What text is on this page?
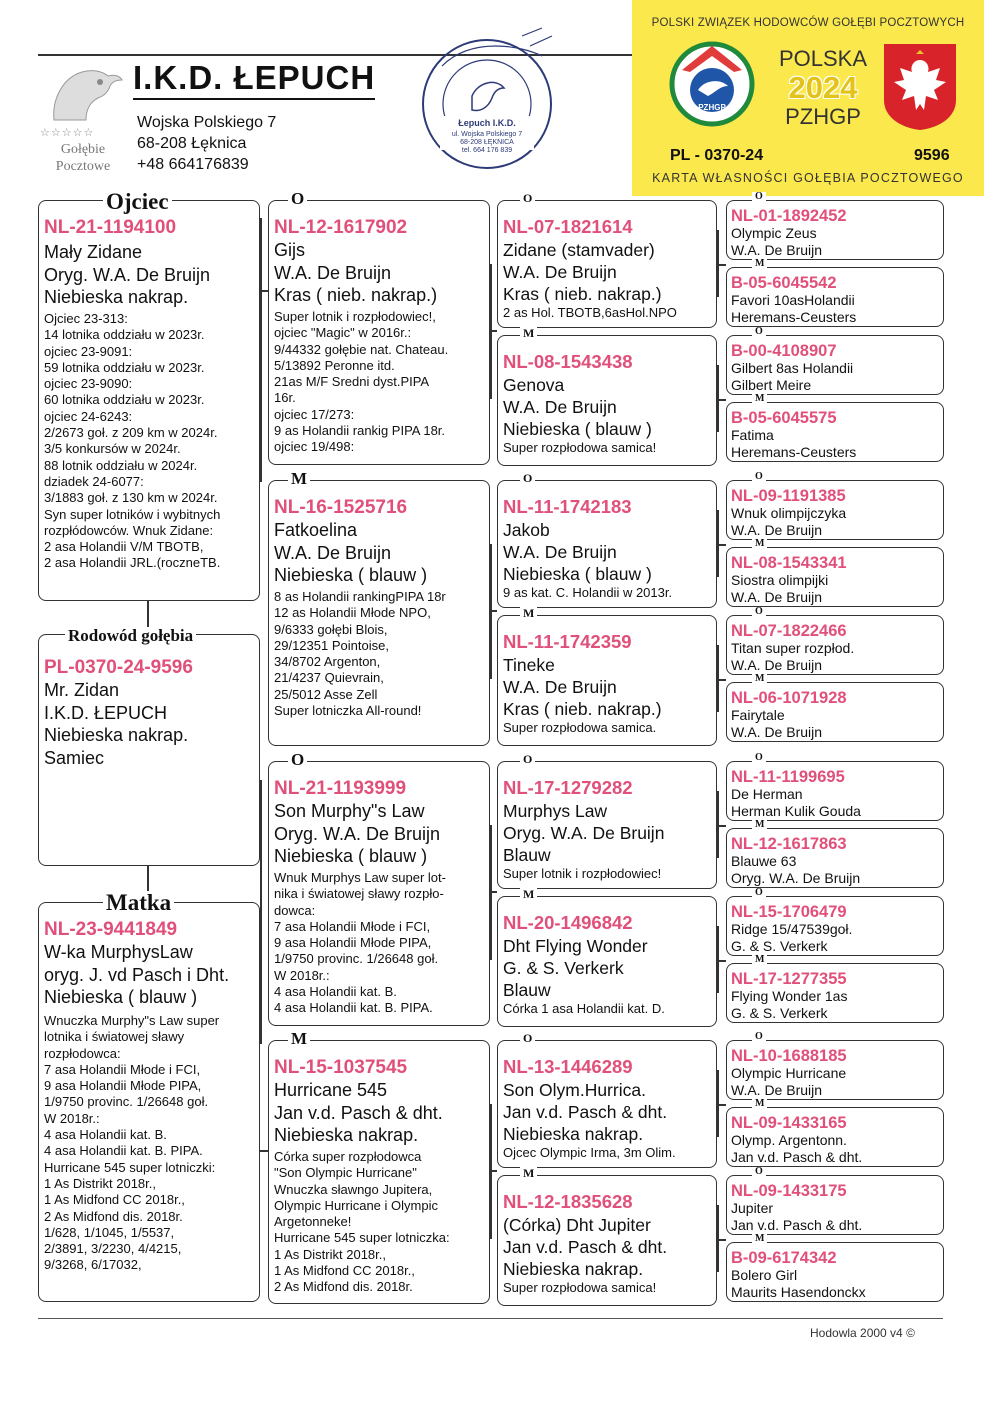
☆☆☆☆☆
Gołębie
Pocztowe
I.K.D. ŁEPUCH
Wojska Polskiego 7
68-208 Łęknica
+48 664176839
Łepuch I.K.D.
ul. Wojska Polskiego 7
68-208 ŁĘKNICA
tel. 664 176 839
POLSKI ZWIĄZEK HODOWCÓW GOŁĘBI POCZTOWYCH
PZHGP
POLSKA
2024
PZHGP
PL - 0370-24	9596
KARTA WŁASNOŚCI GOŁĘBIA POCZTOWEGO
NL-21-1194100
Mały Zidane
Oryg. W.A. De Bruijn
Niebieska nakrap.
Ojciec 23-313:
14 lotnika oddziału w 2023r.
ojciec 23-9091:
59 lotnika oddziału w 2023r.
ojciec 23-9090:
60 lotnika oddziału w 2023r.
ojciec 24-6243:
2/2673 goł. z 209 km w 2024r.
3/5 konkursów w 2024r.
88 lotnik oddziału w 2024r.
dziadek 24-6077:
3/1883 goł. z 130 km w 2024r.
Syn super lotników i wybitnych
rozpłódowców. Wnuk Zidane:
2 asa Holandii V/M TBOTB,
2 asa Holandii JRL.(roczneTB.
Ojciec
PL-0370-24-9596
Mr. Zidan
I.K.D. ŁEPUCH
Niebieska nakrap.
Samiec
Rodowód gołębia
NL-23-9441849
W-ka MurphysLaw
oryg. J. vd Pasch i Dht.
Niebieska ( blauw )
Wnuczka Murphy"s Law super
lotnika i światowej sławy
rozpłodowca:
7 asa Holandii Młode i FCI,
9 asa Holandii Młode PIPA,
1/9750 provinc. 1/26648 goł.
W 2018r.:
4 asa Holandii kat. B.
4 asa Holandii kat. B. PIPA.
Hurricane 545 super lotniczki:
1 As Distrikt 2018r.,
1 As Midfond CC 2018r.,
2 As Midfond dis. 2018r.
1/628, 1/1045, 1/5537,
2/3891, 3/2230, 4/4215,
9/3268, 6/17032,
Matka
NL-12-1617902
Gijs
W.A. De Bruijn
Kras ( nieb. nakrap.)
Super lotnik i rozpłodowiec!,
ojciec "Magic" w 2016r.:
9/44332 gołębie nat. Chateau.
5/13892 Peronne itd.
21as M/F Sredni dyst.PIPA
16r.
ojciec 17/273:
9 as Holandii rankig PIPA 18r.
ojciec 19/498:
O
NL-16-1525716
Fatkoelina
W.A. De Bruijn
Niebieska ( blauw )
8 as Holandii rankingPIPA 18r
12 as Holandii Młode NPO,
9/6333 gołębi Blois,
29/12351 Pointoise,
34/8702 Argenton,
21/4237 Quievrain,
25/5012 Asse Zell
Super lotniczka All-round!
M
NL-21-1193999
Son Murphy"s Law
Oryg. W.A. De Bruijn
Niebieska ( blauw )
Wnuk Murphys Law super lot-
nika i światowej sławy rozpło-
dowca:
7 asa Holandii Młode i FCI,
9 asa Holandii Młode PIPA,
1/9750 provinc. 1/26648 goł.
W 2018r.:
4 asa Holandii kat. B.
4 asa Holandii kat. B. PIPA.
O
NL-15-1037545
Hurricane 545
Jan v.d. Pasch & dht.
Niebieska nakrap.
Córka super rozpłodowca
"Son Olympic Hurricane"
Wnuczka sławngo Jupitera,
Olympic Hurricane i Olympic
Argetonneke!
Hurricane 545 super lotniczka:
1 As Distrikt 2018r.,
1 As Midfond CC 2018r.,
2 As Midfond dis. 2018r.
M
NL-07-1821614
Zidane (stamvader)
W.A. De Bruijn
Kras ( nieb. nakrap.)
2 as Hol. TBOTB,6asHol.NPO
O
NL-08-1543438
Genova
W.A. De Bruijn
Niebieska ( blauw )
Super rozpłodowa samica!
M
NL-11-1742183
Jakob
W.A. De Bruijn
Niebieska ( blauw )
9 as kat. C. Holandii w 2013r.
O
NL-11-1742359
Tineke
W.A. De Bruijn
Kras ( nieb. nakrap.)
Super rozpłodowa samica.
M
NL-17-1279282
Murphys Law
Oryg. W.A. De Bruijn
Blauw
Super lotnik i rozpłodowiec!
O
NL-20-1496842
Dht Flying Wonder
G. & S. Verkerk
Blauw
Córka 1 asa Holandii kat. D.
M
NL-13-1446289
Son Olym.Hurrica.
Jan v.d. Pasch & dht.
Niebieska nakrap.
Ojcec Olympic Irma, 3m Olim.
O
NL-12-1835628
(Córka) Dht Jupiter
Jan v.d. Pasch & dht.
Niebieska nakrap.
Super rozpłodowa samica!
M
NL-01-1892452
Olympic Zeus
W.A. De Bruijn
O
B-05-6045542
Favori 10asHolandii
Heremans-Ceusters
M
B-00-4108907
Gilbert 8as Holandii
Gilbert Meire
O
B-05-6045575
Fatima
Heremans-Ceusters
M
NL-09-1191385
Wnuk olimpijczyka
W.A. De Bruijn
O
NL-08-1543341
Siostra olimpijki
W.A. De Bruijn
M
NL-07-1822466
Titan super rozpłod.
W.A. De Bruijn
O
NL-06-1071928
Fairytale
W.A. De Bruijn
M
NL-11-1199695
De Herman
Herman Kulik Gouda
O
NL-12-1617863
Blauwe 63
Oryg. W.A. De Bruijn
M
NL-15-1706479
Ridge 15/47539goł.
G. & S. Verkerk
O
NL-17-1277355
Flying Wonder 1as
G. & S. Verkerk
M
NL-10-1688185
Olympic Hurricane
W.A. De Bruijn
O
NL-09-1433165
Olymp. Argentonn.
Jan v.d. Pasch & dht.
M
NL-09-1433175
Jupiter
Jan v.d. Pasch & dht.
O
B-09-6174342
Bolero Girl
Maurits Hasendonckx
M
Hodowla 2000 v4 ©
